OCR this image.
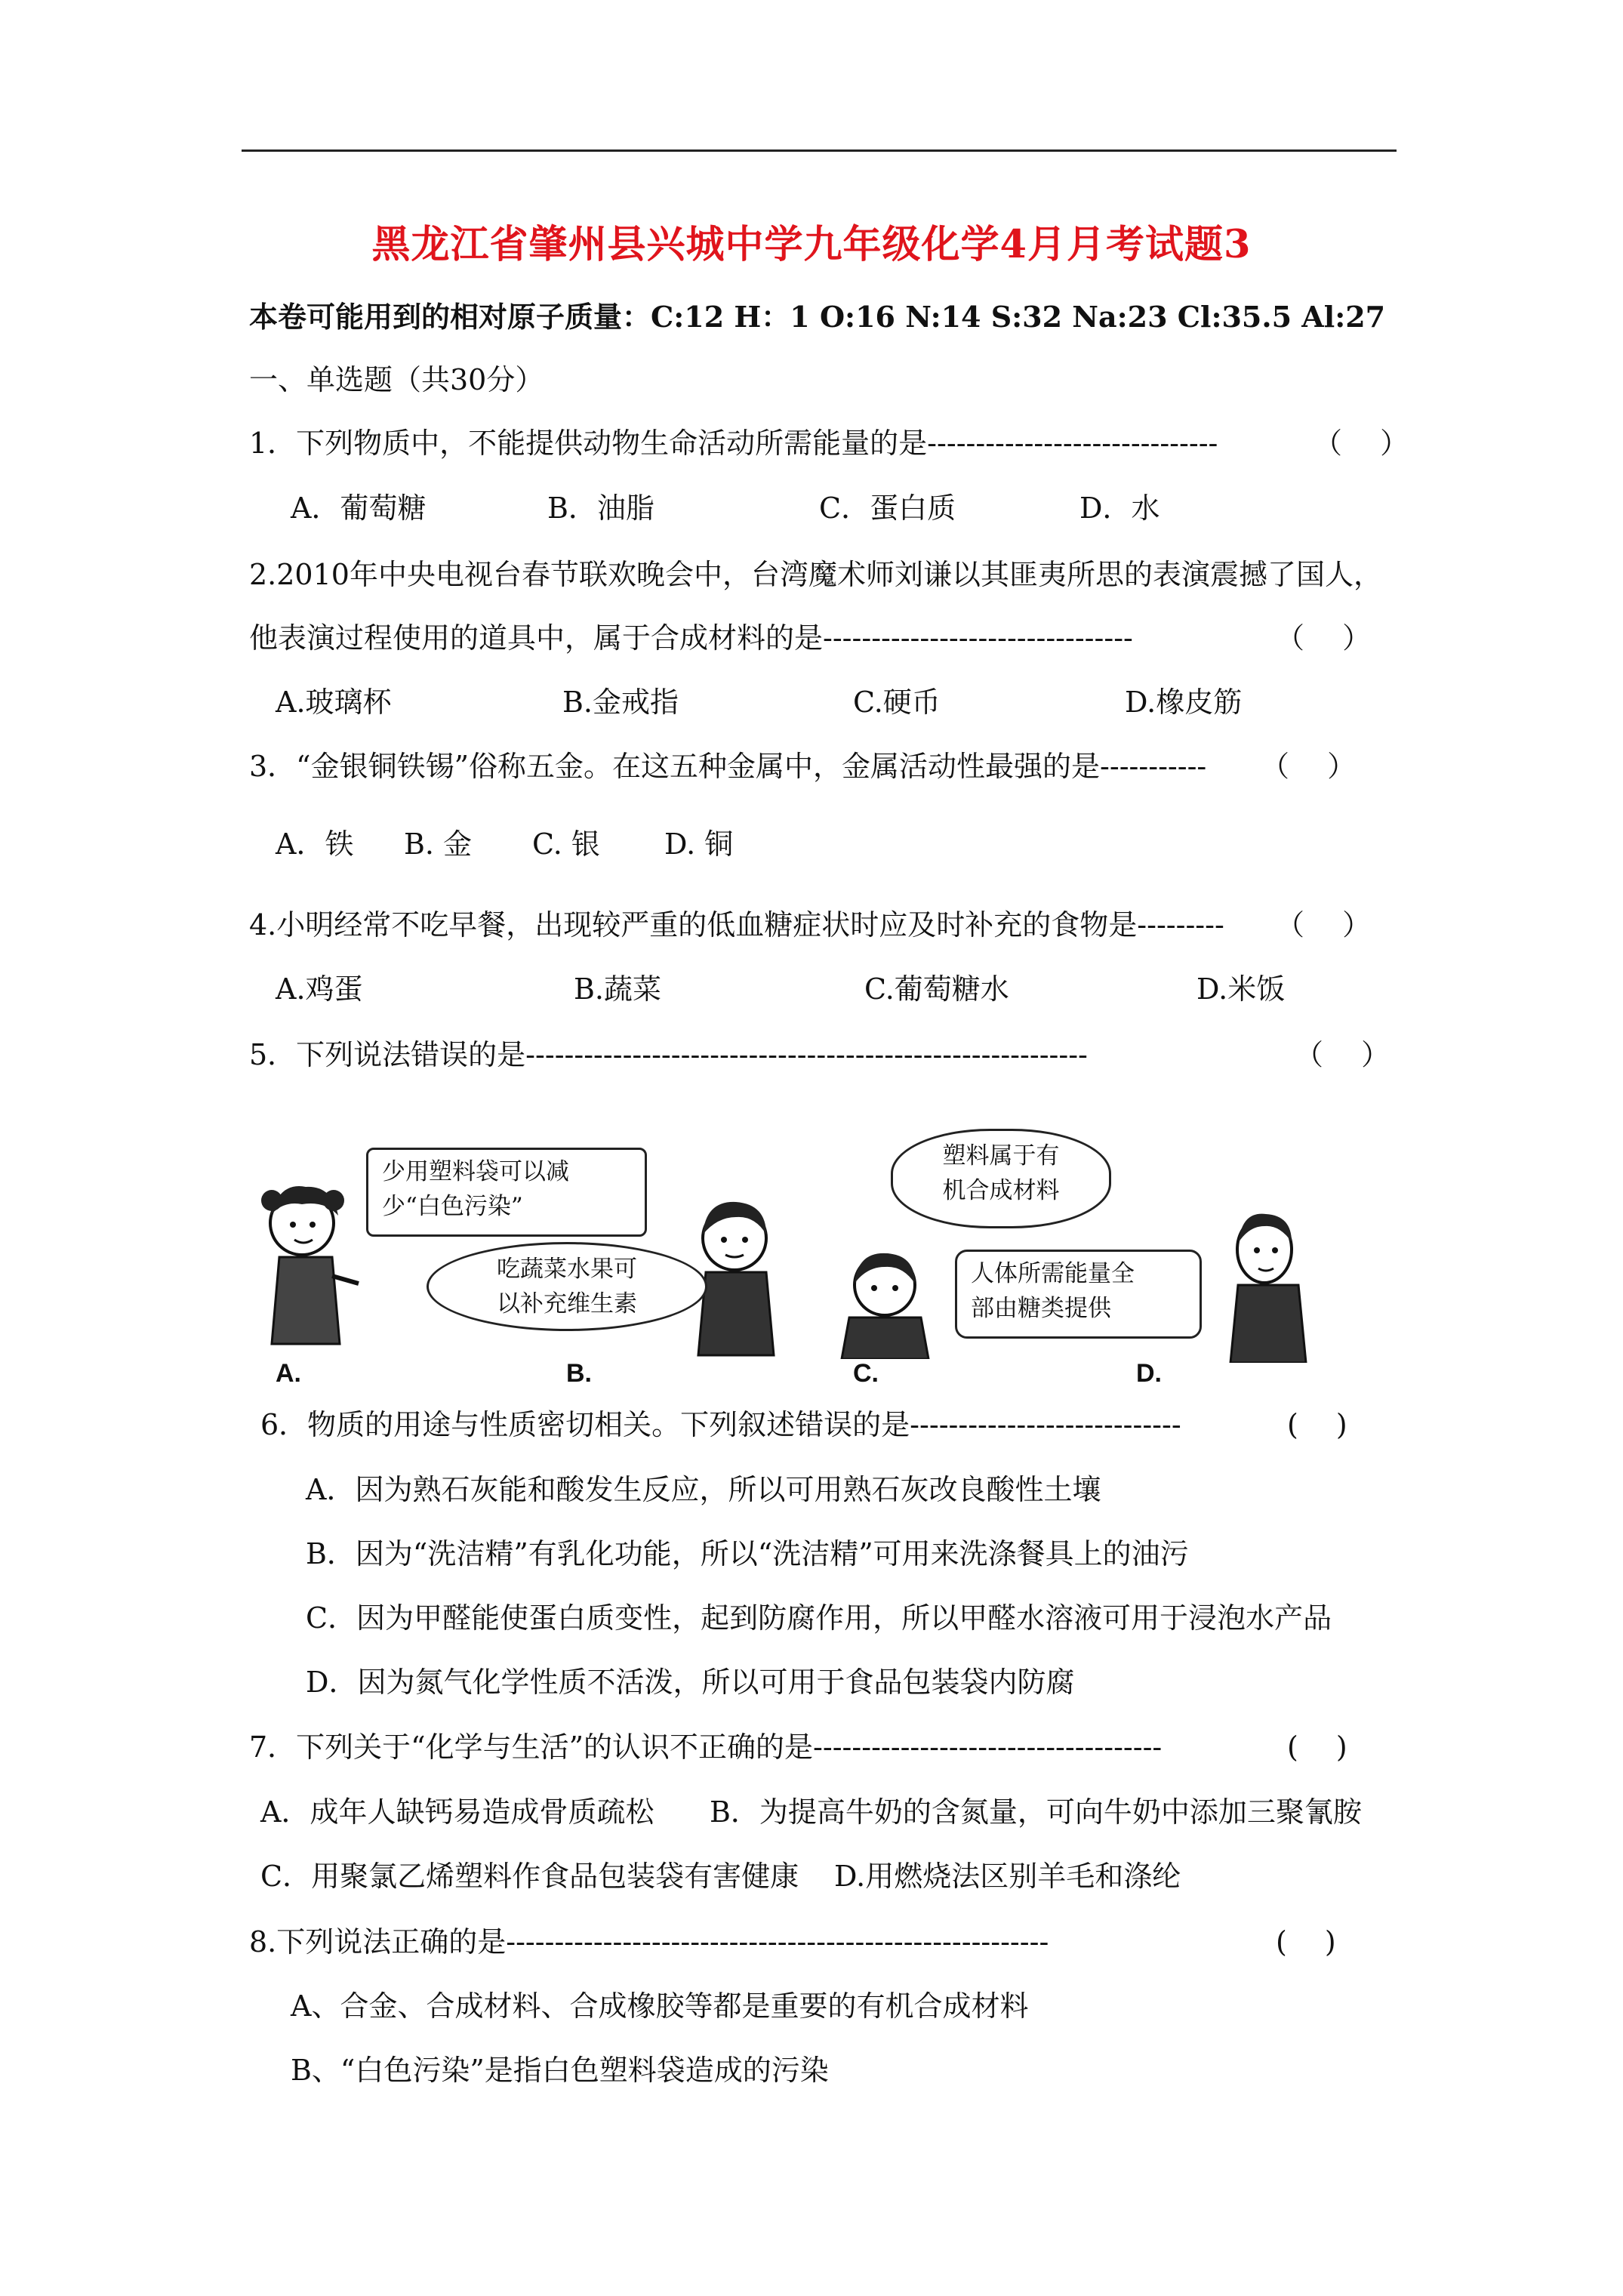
黑龙江省肇州县兴城中学九年级化学4月月考试题3
本卷可能用到的相对原子质量：C:12 H：1 O:16 N:14 S:32 Na:23 Cl:35.5 Al:27
一、单选题（共30分）
1．下列物质中，不能提供动物生命活动所需能量的是------------------------------	（　 ）
A．葡萄糖	B．油脂	C．蛋白质	D．水
2.2010年中央电视台春节联欢晚会中，台湾魔术师刘谦以其匪夷所思的表演震撼了国人，
他表演过程使用的道具中，属于合成材料的是--------------------------------	（　 ）
A.玻璃杯	B.金戒指	C.硬币	D.橡皮筋
3．“金银铜铁锡”俗称五金。在这五种金属中，金属活动性最强的是----------- （　 ）
A．铁 B. 金 C. 银 D. 铜
4.小明经常不吃早餐，出现较严重的低血糖症状时应及时补充的食物是--------- （　 ）
A.鸡蛋	B.蔬菜	C.葡萄糖水	D.米饭
5．下列说法错误的是----------------------------------------------------------	（　 ）
少用塑料袋可以减
少“白色污染”
吃蔬菜水果可
以补充维生素
塑料属于有
机合成材料
人体所需能量全
部由糖类提供
A.	B.	C.	D.
6．物质的用途与性质密切相关。下列叙述错误的是----------------------------	(　 )
A．因为熟石灰能和酸发生反应，所以可用熟石灰改良酸性土壤
B．因为“洗洁精”有乳化功能，所以“洗洁精”可用来洗涤餐具上的油污
C．因为甲醛能使蛋白质变性，起到防腐作用，所以甲醛水溶液可用于浸泡水产品
D．因为氮气化学性质不活泼，所以可用于食品包装袋内防腐
7．下列关于“化学与生活”的认识不正确的是------------------------------------	(　 )
A．成年人缺钙易造成骨质疏松 B．为提高牛奶的含氮量，可向牛奶中添加三聚氰胺
C．用聚氯乙烯塑料作食品包装袋有害健康 D.用燃烧法区别羊毛和涤纶
8.下列说法正确的是--------------------------------------------------------	(　 )
A、合金、合成材料、合成橡胶等都是重要的有机合成材料
B、“白色污染”是指白色塑料袋造成的污染
